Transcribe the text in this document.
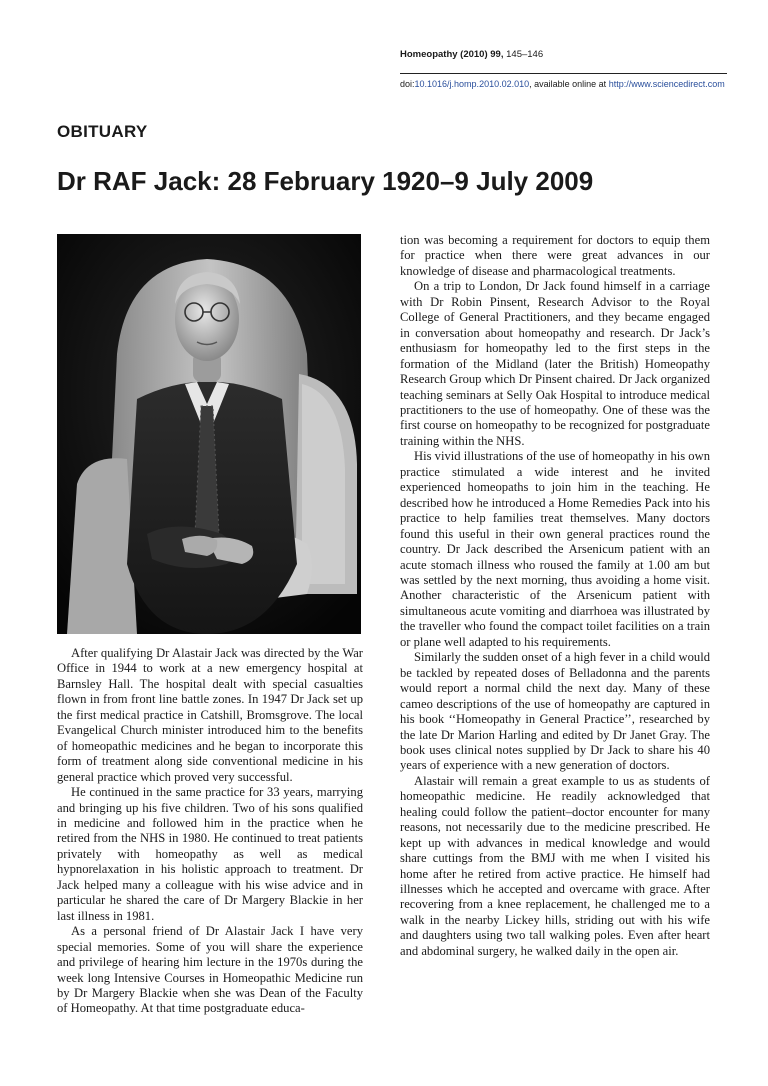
Homeopathy (2010) 99, 145–146
doi:10.1016/j.homp.2010.02.010, available online at http://www.sciencedirect.com
OBITUARY
Dr RAF Jack: 28 February 1920–9 July 2009

After qualifying Dr Alastair Jack was directed by the War Office in 1944 to work at a new emergency hospital at Barnsley Hall. The hospital dealt with special casualties flown in from front line battle zones. In 1947 Dr Jack set up the first medical practice in Catshill, Bromsgrove. The local Evangelical Church minister introduced him to the benefits of homeopathic medicines and he began to incorporate this form of treatment along side conventional medicine in his general practice which proved very successful.

He continued in the same practice for 33 years, marrying and bringing up his five children. Two of his sons qualified in medicine and followed him in the practice when he retired from the NHS in 1980. He continued to treat patients privately with homeopathy as well as medical hypnorelaxation in his holistic approach to treatment. Dr Jack helped many a colleague with his wise advice and in particular he shared the care of Dr Margery Blackie in her last illness in 1981.

As a personal friend of Dr Alastair Jack I have very special memories. Some of you will share the experience and privilege of hearing him lecture in the 1970s during the week long Intensive Courses in Homeopathic Medicine run by Dr Margery Blackie when she was Dean of the Faculty of Homeopathy. At that time postgraduate educa-

tion was becoming a requirement for doctors to equip them for practice when there were great advances in our knowledge of disease and pharmacological treatments.

On a trip to London, Dr Jack found himself in a carriage with Dr Robin Pinsent, Research Advisor to the Royal College of General Practitioners, and they became engaged in conversation about homeopathy and research. Dr Jack’s enthusiasm for homeopathy led to the first steps in the formation of the Midland (later the British) Homeopathy Research Group which Dr Pinsent chaired. Dr Jack organized teaching seminars at Selly Oak Hospital to introduce medical practitioners to the use of homeopathy. One of these was the first course on homeopathy to be recognized for postgraduate training within the NHS.

His vivid illustrations of the use of homeopathy in his own practice stimulated a wide interest and he invited experienced homeopaths to join him in the teaching. He described how he introduced a Home Remedies Pack into his practice to help families treat themselves. Many doctors found this useful in their own general practices round the country. Dr Jack described the Arsenicum patient with an acute stomach illness who roused the family at 1.00 am but was settled by the next morning, thus avoiding a home visit. Another characteristic of the Arsenicum patient with simultaneous acute vomiting and diarrhoea was illustrated by the traveller who found the compact toilet facilities on a train or plane well adapted to his requirements.

Similarly the sudden onset of a high fever in a child would be tackled by repeated doses of Belladonna and the parents would report a normal child the next day. Many of these cameo descriptions of the use of homeopathy are captured in his book ‘‘Homeopathy in General Practice’’, researched by the late Dr Marion Harling and edited by Dr Janet Gray. The book uses clinical notes supplied by Dr Jack to share his 40 years of experience with a new generation of doctors.

Alastair will remain a great example to us as students of homeopathic medicine. He readily acknowledged that healing could follow the patient–doctor encounter for many reasons, not necessarily due to the medicine prescribed. He kept up with advances in medical knowledge and would share cuttings from the BMJ with me when I visited his home after he retired from active practice. He himself had illnesses which he accepted and overcame with grace. After recovering from a knee replacement, he challenged me to a walk in the nearby Lickey hills, striding out with his wife and daughters using two tall walking poles. Even after heart and abdominal surgery, he walked daily in the open air.
